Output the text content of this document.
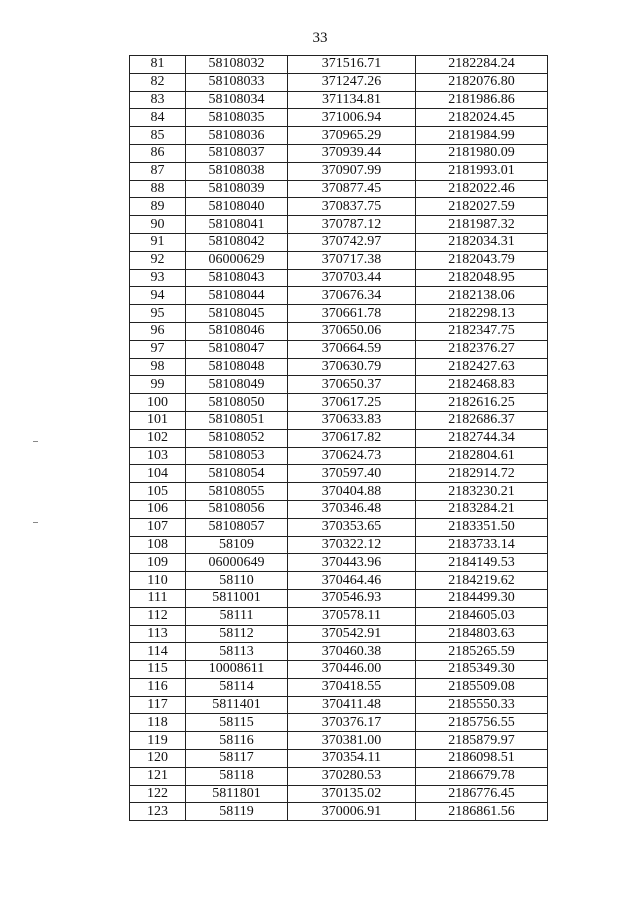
33
81	58108032	371516.71	2182284.24
82	58108033	371247.26	2182076.80
83	58108034	371134.81	2181986.86
84	58108035	371006.94	2182024.45
85	58108036	370965.29	2181984.99
86	58108037	370939.44	2181980.09
87	58108038	370907.99	2181993.01
88	58108039	370877.45	2182022.46
89	58108040	370837.75	2182027.59
90	58108041	370787.12	2181987.32
91	58108042	370742.97	2182034.31
92	06000629	370717.38	2182043.79
93	58108043	370703.44	2182048.95
94	58108044	370676.34	2182138.06
95	58108045	370661.78	2182298.13
96	58108046	370650.06	2182347.75
97	58108047	370664.59	2182376.27
98	58108048	370630.79	2182427.63
99	58108049	370650.37	2182468.83
100	58108050	370617.25	2182616.25
101	58108051	370633.83	2182686.37
102	58108052	370617.82	2182744.34
103	58108053	370624.73	2182804.61
104	58108054	370597.40	2182914.72
105	58108055	370404.88	2183230.21
106	58108056	370346.48	2183284.21
107	58108057	370353.65	2183351.50
108	58109	370322.12	2183733.14
109	06000649	370443.96	2184149.53
110	58110	370464.46	2184219.62
111	5811001	370546.93	2184499.30
112	58111	370578.11	2184605.03
113	58112	370542.91	2184803.63
114	58113	370460.38	2185265.59
115	10008611	370446.00	2185349.30
116	58114	370418.55	2185509.08
117	5811401	370411.48	2185550.33
118	58115	370376.17	2185756.55
119	58116	370381.00	2185879.97
120	58117	370354.11	2186098.51
121	58118	370280.53	2186679.78
122	5811801	370135.02	2186776.45
123	58119	370006.91	2186861.56
